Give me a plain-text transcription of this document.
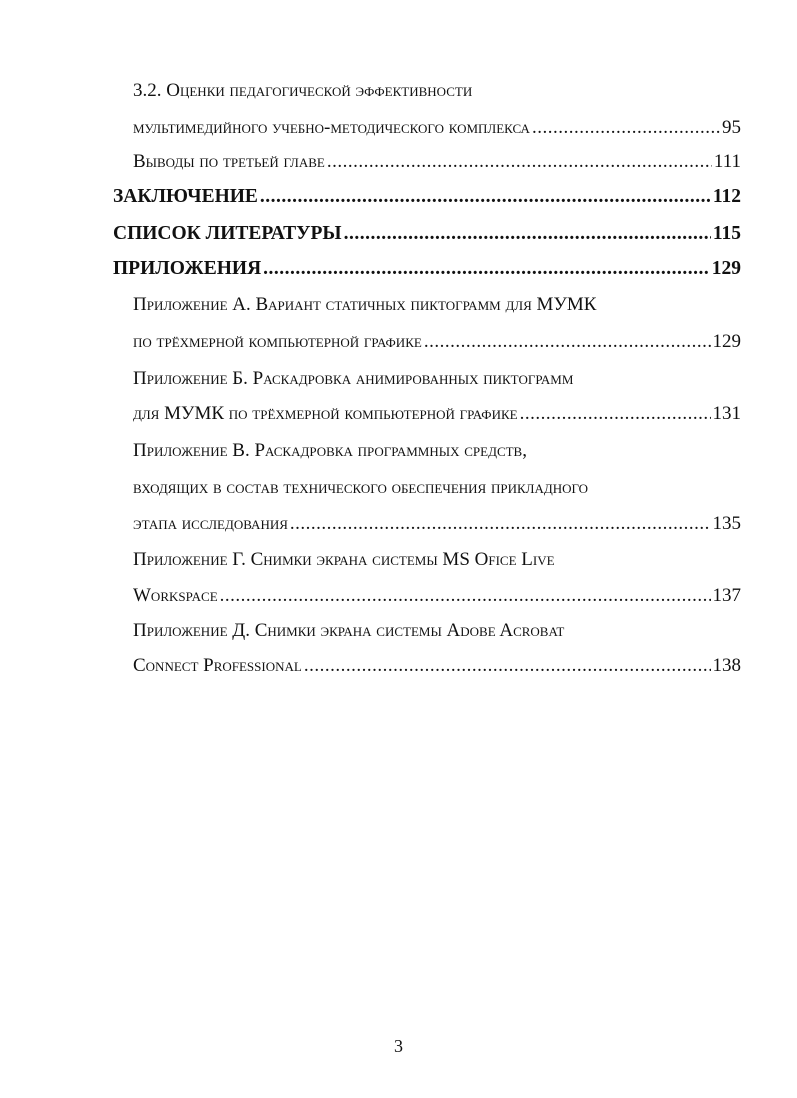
3.2. Оценки педагогической эффективности
мультимедийного учебно-методического комплекса .....	95
Выводы по третьей главе .....	111
ЗАКЛЮЧЕНИЕ .....	112
СПИСОК ЛИТЕРАТУРЫ .....	115
ПРИЛОЖЕНИЯ .....	129
Приложение А. Вариант статичных пиктограмм для МУМК
по трёхмерной компьютерной графике .....	129
Приложение Б. Раскадровка анимированных пиктограмм
для МУМК по трёхмерной компьютерной графике .....	131
Приложение В. Раскадровка программных средств,
входящих в состав технического обеспечения прикладного
этапа исследования .....	135
Приложение Г. Снимки экрана системы MS Ofice Live
Workspace .....	137
Приложение Д. Снимки экрана системы Adobe Acrobat
Connect Professional .....	138
3
